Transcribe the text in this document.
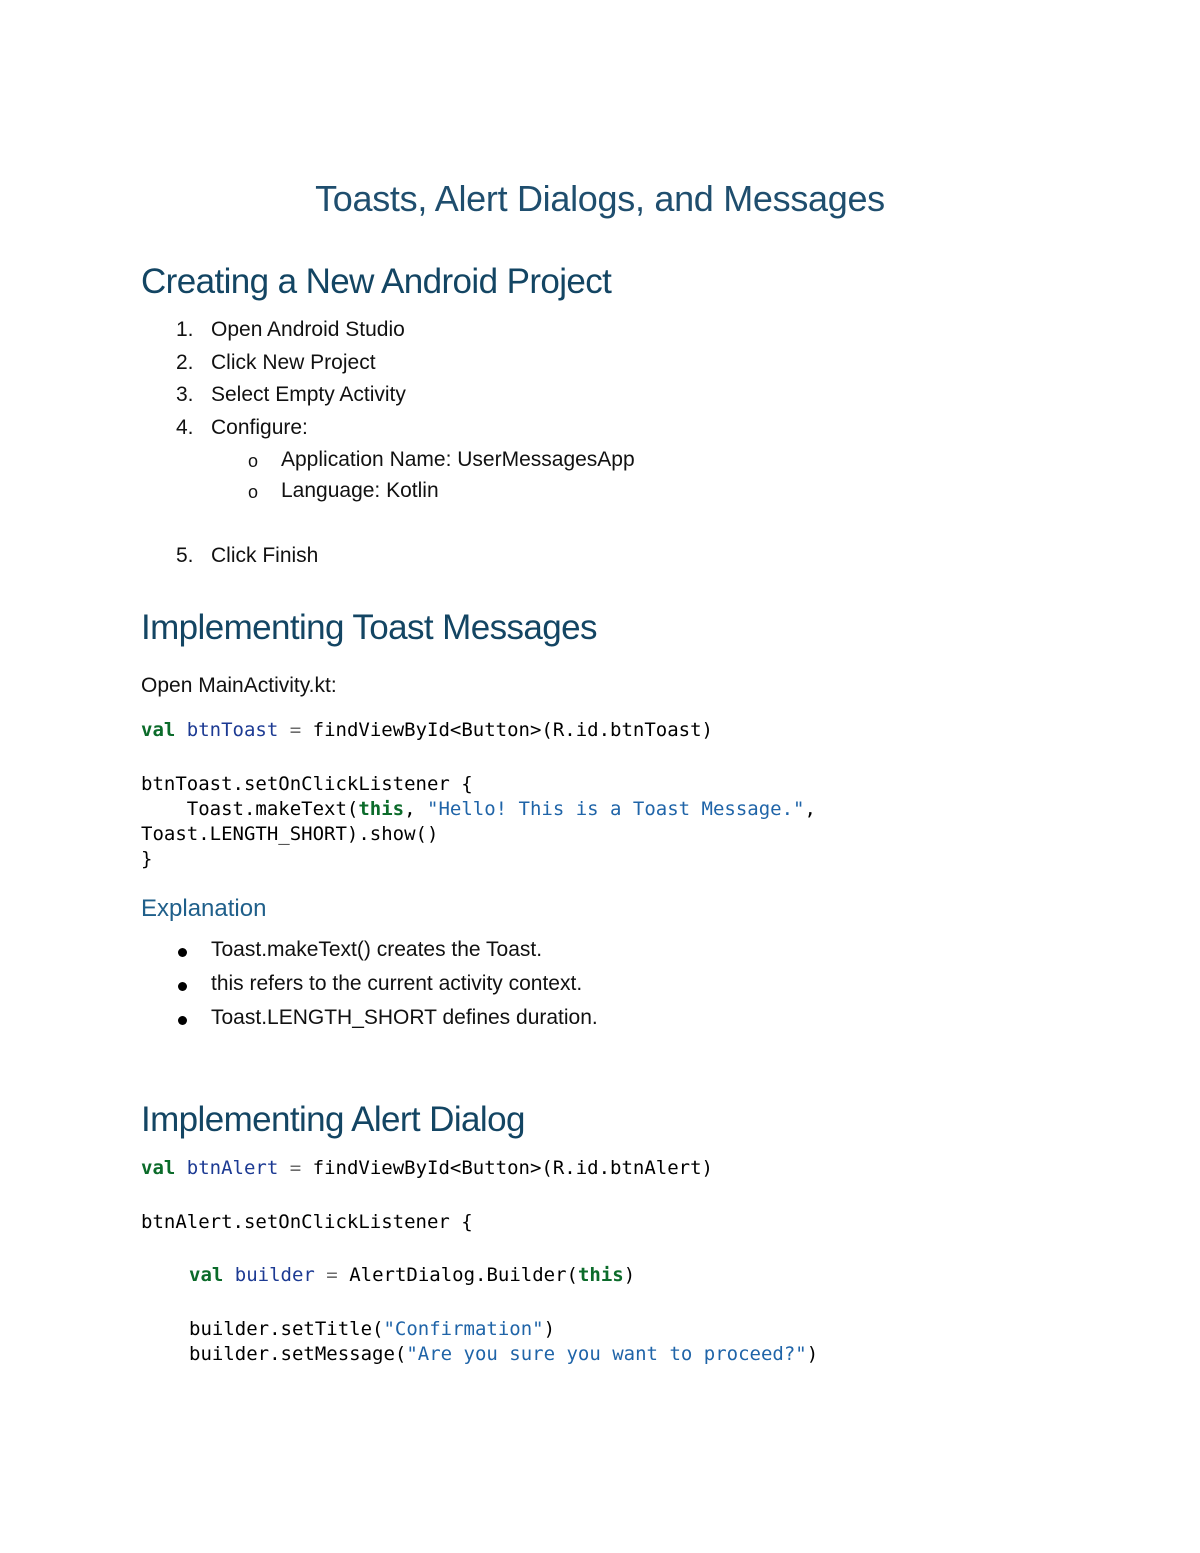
Toasts, Alert Dialogs, and Messages
Creating a New Android Project
1. Open Android Studio
2. Click New Project
3. Select Empty Activity
4. Configure:
o Application Name: UserMessagesApp
o Language: Kotlin
5. Click Finish
Implementing Toast Messages
Open MainActivity.kt:
val btnToast = findViewById<Button>(R.id.btnToast)
btnToast.setOnClickListener {
Toast.makeText(this, "Hello! This is a Toast Message.",
Toast.LENGTH_SHORT).show()
}
Explanation
Toast.makeText() creates the Toast.
this refers to the current activity context.
Toast.LENGTH_SHORT defines duration.
Implementing Alert Dialog
val btnAlert = findViewById<Button>(R.id.btnAlert)
btnAlert.setOnClickListener {
val builder = AlertDialog.Builder(this)
builder.setTitle("Confirmation")
builder.setMessage("Are you sure you want to proceed?")
